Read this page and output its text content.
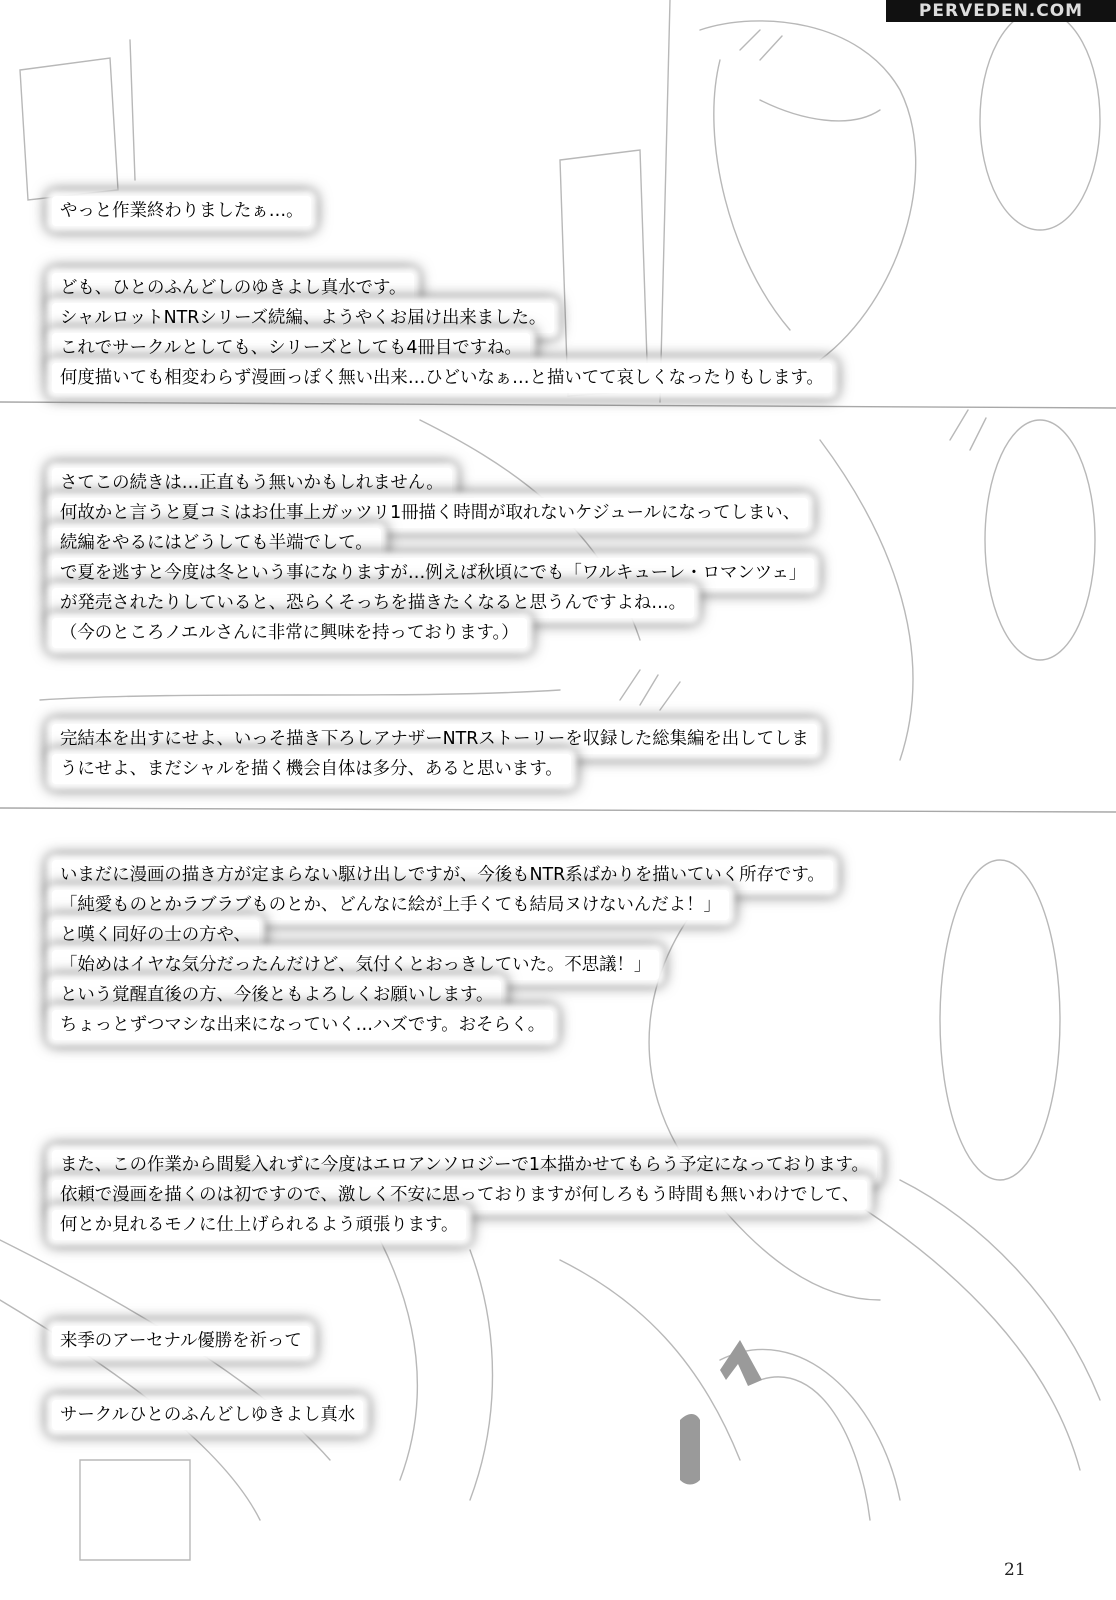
PERVEDEN.COM
やっと作業終わりましたぁ…。
ども、ひとのふんどしのゆきよし真水です。
シャルロットNTRシリーズ続編、ようやくお届け出来ました。
これでサークルとしても、シリーズとしても4冊目ですね。
何度描いても相変わらず漫画っぽく無い出来…ひどいなぁ…と描いてて哀しくなったりもします。
さてこの続きは…正直もう無いかもしれません。
何故かと言うと夏コミはお仕事上ガッツリ1冊描く時間が取れないケジュールになってしまい、
続編をやるにはどうしても半端でして。
で夏を逃すと今度は冬という事になりますが…例えば秋頃にでも「ワルキューレ・ロマンツェ」
が発売されたりしていると、恐らくそっちを描きたくなると思うんですよね…。
（今のところノエルさんに非常に興味を持っております。）
完結本を出すにせよ、いっそ描き下ろしアナザーNTRストーリーを収録した総集編を出してしま
うにせよ、まだシャルを描く機会自体は多分、あると思います。
いまだに漫画の描き方が定まらない駆け出しですが、今後もNTR系ばかりを描いていく所存です。
「純愛ものとかラブラブものとか、どんなに絵が上手くても結局ヌけないんだよ！」
と嘆く同好の士の方や、
「始めはイヤな気分だったんだけど、気付くとおっきしていた。不思議！」
という覚醒直後の方、今後ともよろしくお願いします。
ちょっとずつマシな出来になっていく…ハズです。おそらく。
また、この作業から間髪入れずに今度はエロアンソロジーで1本描かせてもらう予定になっております。
依頼で漫画を描くのは初ですので、激しく不安に思っておりますが何しろもう時間も無いわけでして、
何とか見れるモノに仕上げられるよう頑張ります。
来季のアーセナル優勝を祈って
サークルひとのふんどしゆきよし真水
21
